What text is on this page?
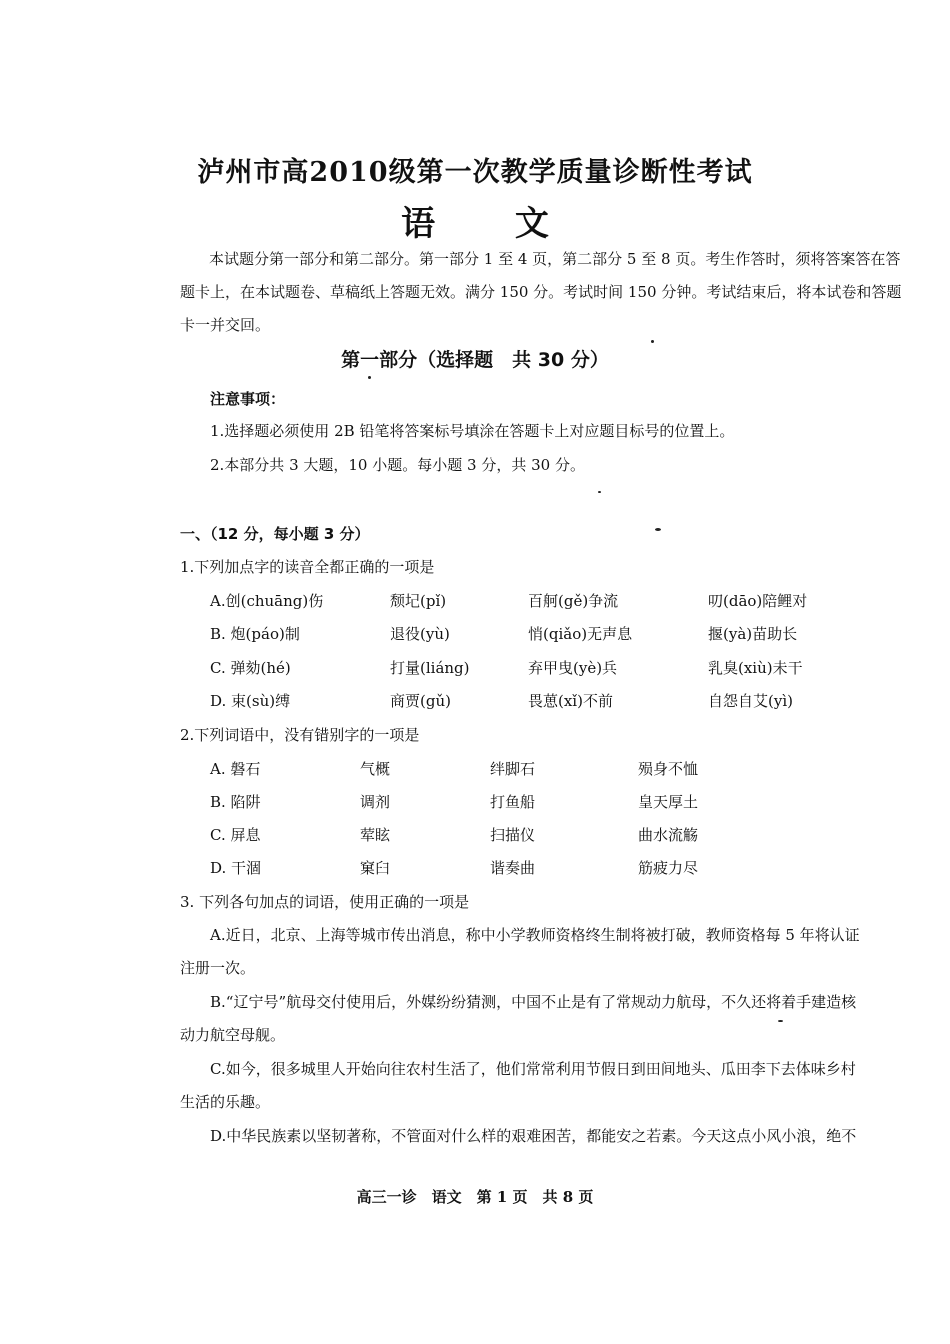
泸州市高2010级第一次教学质量诊断性考试
语 文
本试题分第一部分和第二部分。第一部分 1 至 4 页，第二部分 5 至 8 页。考生作答时，须将答案答在答
题卡上，在本试题卷、草稿纸上答题无效。满分 150 分。考试时间 150 分钟。考试结束后，将本试卷和答题
卡一并交回。
第一部分（选择题　共 30 分）
注意事项：
1.选择题必须使用 2B 铅笔将答案标号填涂在答题卡上对应题目标号的位置上。
2.本部分共 3 大题，10 小题。每小题 3 分，共 30 分。
一、（12 分，每小题 3 分）
1.下列加点字的读音全都正确的一项是
A.创(chuāng)伤	颓圮(pǐ)	百舸(gě)争流	叨(dāo)陪鲤对
B. 炮(páo)制	退役(yù)	悄(qiǎo)无声息	揠(yà)苗助长
C. 弹劾(hé)	打量(liáng)	弃甲曳(yè)兵	乳臭(xiù)未干
D. 束(sù)缚	商贾(gǔ)	畏葸(xǐ)不前	自怨自艾(yì)
2.下列词语中，没有错别字的一项是
A. 磐石	气概	绊脚石	殒身不恤
B. 陷阱	调剂	打鱼船	皇天厚土
C. 屏息	荤眩	扫描仪	曲水流觞
D. 干涸	窠臼	谐奏曲	筋疲力尽
3. 下列各句加点的词语，使用正确的一项是
A.近日，北京、上海等城市传出消息，称中小学教师资格终生制将被打破，教师资格每 5 年将认证
注册一次。
B.“辽宁号”航母交付使用后，外媒纷纷猜测，中国不止是有了常规动力航母，不久还将着手建造核
动力航空母舰。
C.如今，很多城里人开始向往农村生活了，他们常常利用节假日到田间地头、瓜田李下去体味乡村
生活的乐趣。
D.中华民族素以坚韧著称，不管面对什么样的艰难困苦，都能安之若素。今天这点小风小浪，绝不
高三一诊　语文　第 1 页　共 8 页
